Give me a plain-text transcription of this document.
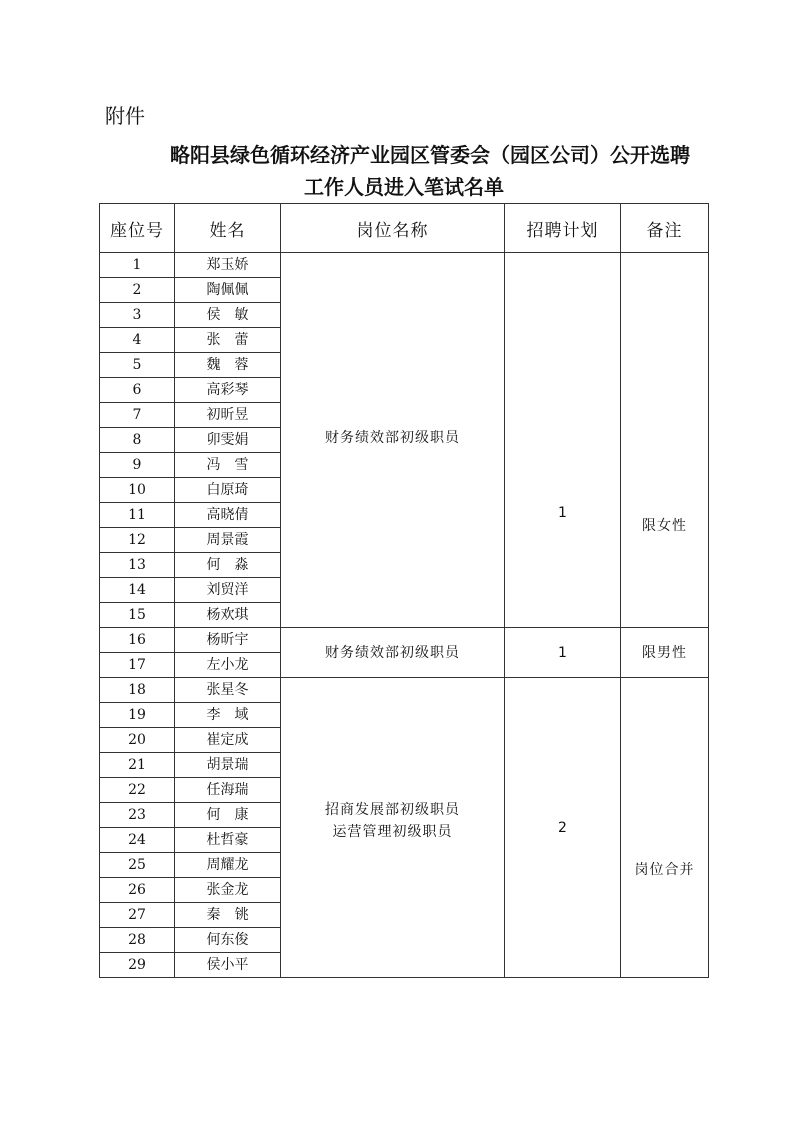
附件
略阳县绿色循环经济产业园区管委会（园区公司）公开选聘
工作人员进入笔试名单
座位号	姓名	岗位名称	招聘计划	备注
1	郑玉娇	财务绩效部初级职员	1	限女性
2	陶佩佩			
3	侯　敏			
4	张　蕾			
5	魏　蓉			
6	高彩琴			
7	初昕昱			
8	卯雯娟			
9	冯　雪			
10	白原琦			
11	高晓倩			
12	周景霞			
13	何　淼			
14	刘贸洋			
15	杨欢琪			
16	杨昕宇	财务绩效部初级职员	1	限男性
17	左小龙			
18	张星冬	招商发展部初级职员
运营管理初级职员	2	岗位合并
19	李　域			
20	崔定成			
21	胡景瑞			
22	任海瑞			
23	何　康			
24	杜哲豪			
25	周耀龙			
26	张金龙			
27	秦　铫			
28	何东俊			
29	侯小平			
